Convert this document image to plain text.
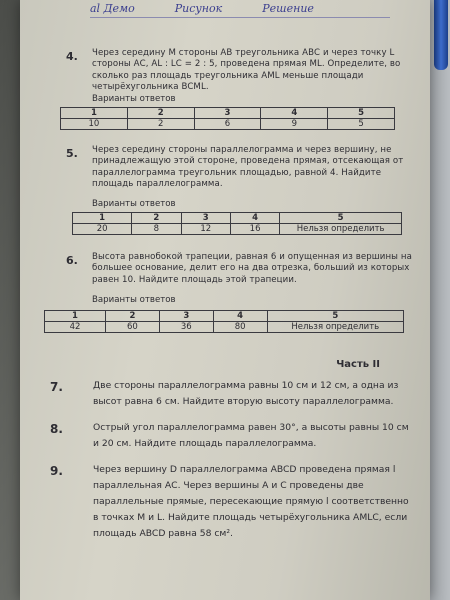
al Демо	Рисунок	Решение
4. Через середину М стороны АВ треугольника АВС и через точку L стороны АС, AL : LC = 2 : 5, проведена прямая ML. Определите, во сколько раз площадь треугольника AML меньше площади четырёхугольника BCML.
Варианты ответов
1	2	3	4	5
10	2	6	9	5
5. Через середину стороны параллелограмма и через вершину, не принадлежащую этой стороне, проведена прямая, отсекающая от параллелограмма треугольник площадью, равной 4. Найдите площадь параллелограмма.
Варианты ответов
1	2	3	4	5
20	8	12	16	Нельзя определить
6. Высота равнобокой трапеции, равная 6 и опущенная из вершины на большее основание, делит его на два отрезка, больший из которых равен 10. Найдите площадь этой трапеции.
Варианты ответов
1	2	3	4	5
42	60	36	80	Нельзя определить
Часть II
7.	Две стороны параллелограмма равны 10 см и 12 см, а одна из высот равна 6 см. Найдите вторую высоту параллелограмма.
8.	Острый угол параллелограмма равен 30°, а высоты равны 10 см и 20 см. Найдите площадь параллелограмма.
9.	Через вершину D параллелограмма ABCD проведена прямая l параллельная АС. Через вершины А и С проведены две параллельные прямые, пересекающие прямую l соответственно в точках М и L. Найдите площадь четырёхугольника AMLC, если площадь ABCD равна 58 см².
